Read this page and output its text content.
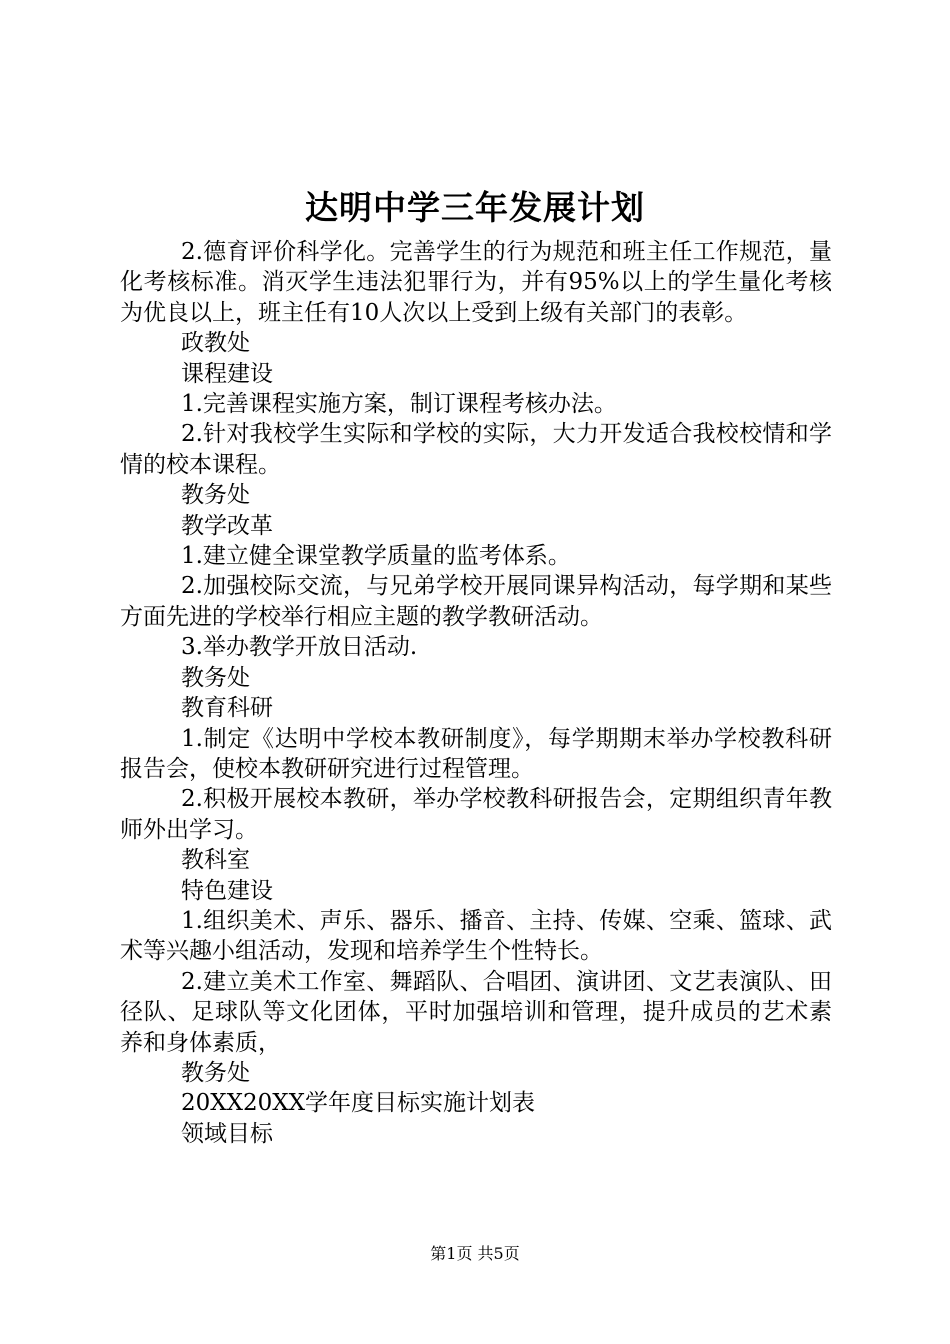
达明中学三年发展计划

2.德育评价科学化。完善学生的行为规范和班主任工作规范，量化考核标准。消灭学生违法犯罪行为，并有95%以上的学生量化考核为优良以上，班主任有10人次以上受到上级有关部门的表彰。

政教处

课程建设

1.完善课程实施方案，制订课程考核办法。

2.针对我校学生实际和学校的实际，大力开发适合我校校情和学情的校本课程。

教务处

教学改革

1.建立健全课堂教学质量的监考体系。

2.加强校际交流，与兄弟学校开展同课异构活动，每学期和某些方面先进的学校举行相应主题的教学教研活动。

3.举办教学开放日活动.

教务处

教育科研

1.制定《达明中学校本教研制度》，每学期期末举办学校教科研报告会，使校本教研研究进行过程管理。

2.积极开展校本教研，举办学校教科研报告会，定期组织青年教师外出学习。

教科室

特色建设

1.组织美术、声乐、器乐、播音、主持、传媒、空乘、篮球、武术等兴趣小组活动，发现和培养学生个性特长。

2.建立美术工作室、舞蹈队、合唱团、演讲团、文艺表演队、田径队、足球队等文化团体，平时加强培训和管理，提升成员的艺术素养和身体素质，

教务处

20XX20XX学年度目标实施计划表

领域目标

第1页 共5页
